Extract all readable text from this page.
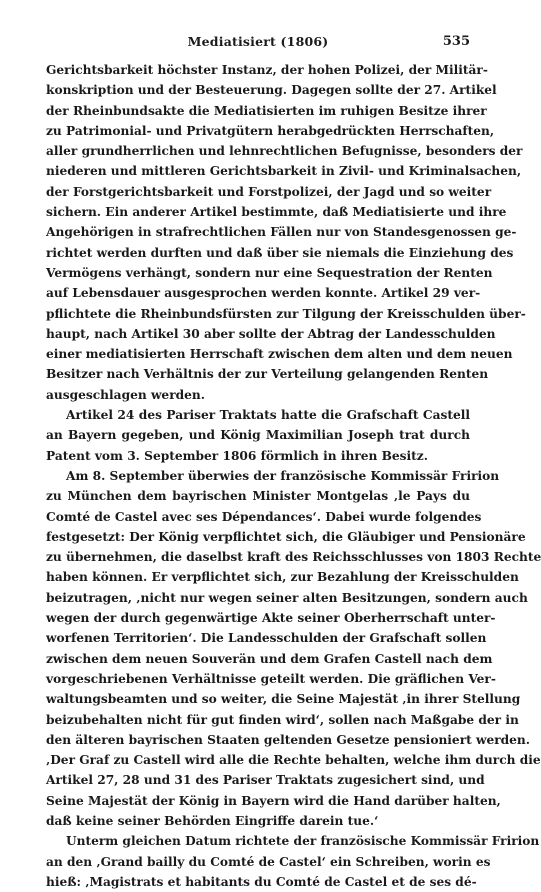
Mediatisiert (1806)	535
Gerichtsbarkeit höchster Instanz, der hohen Polizei, der Militär-
konskription und der Besteuerung. Dagegen sollte der 27. Artikel
der Rheinbundsakte die Mediatisierten im ruhigen Besitze ihrer
zu Patrimonial- und Privatgütern herabgedrückten Herrschaften,
aller grundherrlichen und lehnrechtlichen Befugnisse, besonders der
niederen und mittleren Gerichtsbarkeit in Zivil- und Kriminalsachen,
der Forstgerichtsbarkeit und Forstpolizei, der Jagd und so weiter
sichern. Ein anderer Artikel bestimmte, daß Mediatisierte und ihre
Angehörigen in strafrechtlichen Fällen nur von Standesgenossen ge-
richtet werden durften und daß über sie niemals die Einziehung des
Vermögens verhängt, sondern nur eine Sequestration der Renten
auf Lebensdauer ausgesprochen werden konnte. Artikel 29 ver-
pflichtete die Rheinbundsfürsten zur Tilgung der Kreisschulden über-
haupt, nach Artikel 30 aber sollte der Abtrag der Landesschulden
einer mediatisierten Herrschaft zwischen dem alten und dem neuen
Besitzer nach Verhältnis der zur Verteilung gelangenden Renten
ausgeschlagen werden.
Artikel 24 des Pariser Traktats hatte die Grafschaft Castell
an Bayern gegeben, und König Maximilian Joseph trat durch
Patent vom 3. September 1806 förmlich in ihren Besitz.
Am 8. September überwies der französische Kommissär Fririon
zu München dem bayrischen Minister Montgelas ‚le Pays du
Comté de Castel avec ses Dépendances‘. Dabei wurde folgendes
festgesetzt: Der König verpflichtet sich, die Gläubiger und Pensionäre
zu übernehmen, die daselbst kraft des Reichsschlusses von 1803 Rechte
haben können. Er verpflichtet sich, zur Bezahlung der Kreisschulden
beizutragen, ‚nicht nur wegen seiner alten Besitzungen, sondern auch
wegen der durch gegenwärtige Akte seiner Oberherrschaft unter-
worfenen Territorien‘. Die Landesschulden der Grafschaft sollen
zwischen dem neuen Souverän und dem Grafen Castell nach dem
vorgeschriebenen Verhältnisse geteilt werden. Die gräflichen Ver-
waltungsbeamten und so weiter, die Seine Majestät ‚in ihrer Stellung
beizubehalten nicht für gut finden wird‘, sollen nach Maßgabe der in
den älteren bayrischen Staaten geltenden Gesetze pensioniert werden.
‚Der Graf zu Castell wird alle die Rechte behalten, welche ihm durch die
Artikel 27, 28 und 31 des Pariser Traktats zugesichert sind, und
Seine Majestät der König in Bayern wird die Hand darüber halten,
daß keine seiner Behörden Eingriffe darein tue.‘
Unterm gleichen Datum richtete der französische Kommissär Fririon
an den ‚Grand bailly du Comté de Castel‘ ein Schreiben, worin es
hieß: ‚Magistrats et habitants du Comté de Castel et de ses dé-
